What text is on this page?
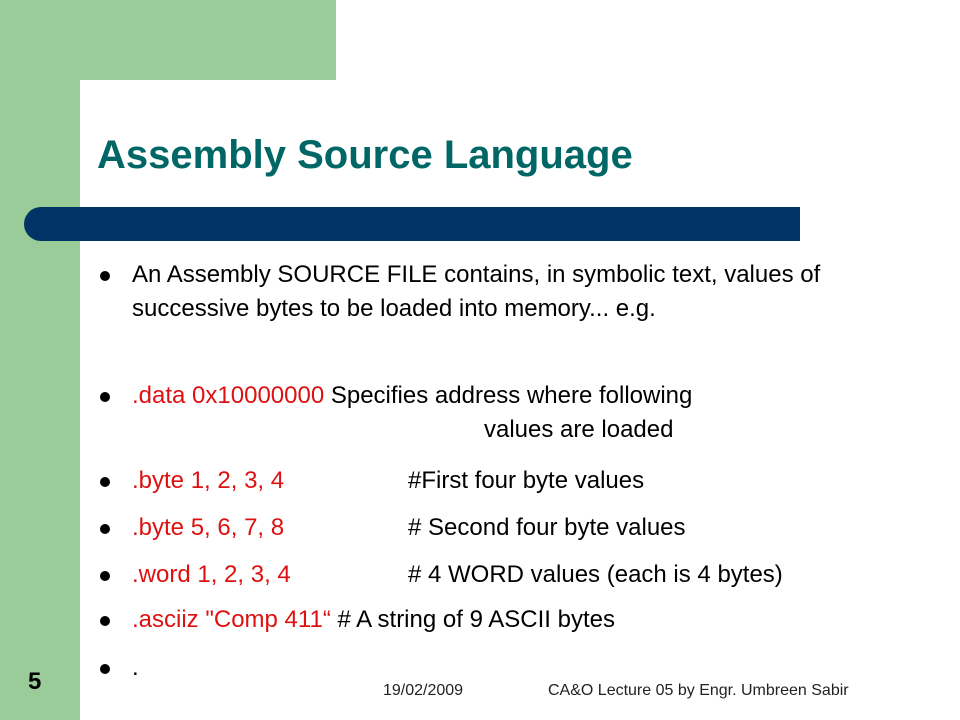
Assembly Source Language
An Assembly SOURCE FILE contains, in symbolic text, values of successive bytes to be loaded into memory... e.g.
.data 0x10000000 Specifies address where following
values are loaded
.byte 1, 2, 3, 4	#First four byte values
.byte 5, 6, 7, 8	# Second four byte values
.word 1, 2, 3, 4	# 4 WORD values (each is 4 bytes)
.asciiz "Comp 411“ # A string of 9 ASCII bytes
.
5	19/02/2009	CA&O Lecture 05 by Engr. Umbreen Sabir
